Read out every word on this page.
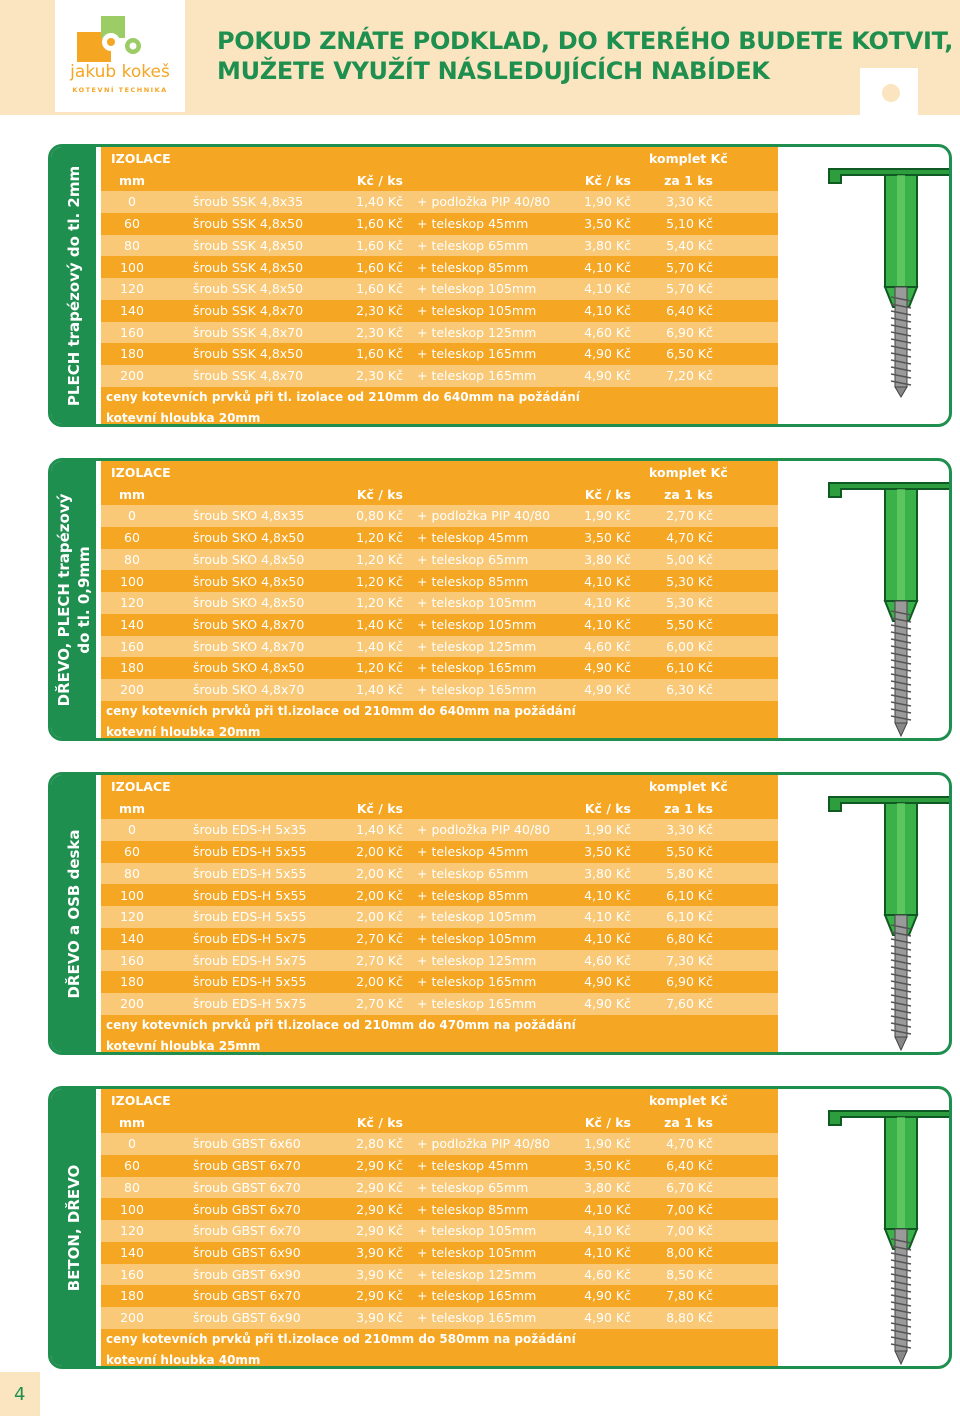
jakub kokeš
KOTEVNÍ TECHNIKA
POKUD ZNÁTE PODKLAD, DO KTERÉHO BUDETE KOTVIT,
MUŽETE VYUŽÍT NÁSLEDUJÍCÍCH NABÍDEK
PLECH trapézový do tl. 2mm
IZOLACE	komplet Kč
mm	Kč / ks	Kč / ks	za 1 ks
0	šroub SSK 4,8x35	1,40 Kč + podložka PIP 40/80	1,90 Kč	3,30 Kč
60	šroub SSK 4,8x50	1,60 Kč + teleskop 45mm	3,50 Kč	5,10 Kč
80	šroub SSK 4,8x50	1,60 Kč + teleskop 65mm	3,80 Kč	5,40 Kč
100	šroub SSK 4,8x50	1,60 Kč + teleskop 85mm	4,10 Kč	5,70 Kč
120	šroub SSK 4,8x50	1,60 Kč + teleskop 105mm	4,10 Kč	5,70 Kč
140	šroub SSK 4,8x70	2,30 Kč + teleskop 105mm	4,10 Kč	6,40 Kč
160	šroub SSK 4,8x70	2,30 Kč + teleskop 125mm	4,60 Kč	6,90 Kč
180	šroub SSK 4,8x50	1,60 Kč + teleskop 165mm	4,90 Kč	6,50 Kč
200	šroub SSK 4,8x70	2,30 Kč + teleskop 165mm	4,90 Kč	7,20 Kč
ceny kotevních prvků při tl. izolace od 210mm do 640mm na požádání
kotevní hloubka 20mm
DŘEVO, PLECH trapézový do tl. 0,9mm
IZOLACE	komplet Kč
mm	Kč / ks	Kč / ks	za 1 ks
0	šroub SKO 4,8x35	0,80 Kč + podložka PIP 40/80	1,90 Kč	2,70 Kč
60	šroub SKO 4,8x50	1,20 Kč + teleskop 45mm	3,50 Kč	4,70 Kč
80	šroub SKO 4,8x50	1,20 Kč + teleskop 65mm	3,80 Kč	5,00 Kč
100	šroub SKO 4,8x50	1,20 Kč + teleskop 85mm	4,10 Kč	5,30 Kč
120	šroub SKO 4,8x50	1,20 Kč + teleskop 105mm	4,10 Kč	5,30 Kč
140	šroub SKO 4,8x70	1,40 Kč + teleskop 105mm	4,10 Kč	5,50 Kč
160	šroub SKO 4,8x70	1,40 Kč + teleskop 125mm	4,60 Kč	6,00 Kč
180	šroub SKO 4,8x50	1,20 Kč + teleskop 165mm	4,90 Kč	6,10 Kč
200	šroub SKO 4,8x70	1,40 Kč + teleskop 165mm	4,90 Kč	6,30 Kč
ceny kotevních prvků při tl.izolace od 210mm do 640mm na požádání
kotevní hloubka 20mm
DŘEVO a OSB deska
IZOLACE	komplet Kč
mm	Kč / ks	Kč / ks	za 1 ks
0	šroub EDS-H 5x35	1,40 Kč + podložka PIP 40/80	1,90 Kč	3,30 Kč
60	šroub EDS-H 5x55	2,00 Kč + teleskop 45mm	3,50 Kč	5,50 Kč
80	šroub EDS-H 5x55	2,00 Kč + teleskop 65mm	3,80 Kč	5,80 Kč
100	šroub EDS-H 5x55	2,00 Kč + teleskop 85mm	4,10 Kč	6,10 Kč
120	šroub EDS-H 5x55	2,00 Kč + teleskop 105mm	4,10 Kč	6,10 Kč
140	šroub EDS-H 5x75	2,70 Kč + teleskop 105mm	4,10 Kč	6,80 Kč
160	šroub EDS-H 5x75	2,70 Kč + teleskop 125mm	4,60 Kč	7,30 Kč
180	šroub EDS-H 5x55	2,00 Kč + teleskop 165mm	4,90 Kč	6,90 Kč
200	šroub EDS-H 5x75	2,70 Kč + teleskop 165mm	4,90 Kč	7,60 Kč
ceny kotevních prvků při tl.izolace od 210mm do 470mm na požádání
kotevní hloubka 25mm
BETON, DŘEVO
IZOLACE	komplet Kč
mm	Kč / ks	Kč / ks	za 1 ks
0	šroub GBST 6x60	2,80 Kč + podložka PIP 40/80	1,90 Kč	4,70 Kč
60	šroub GBST 6x70	2,90 Kč + teleskop 45mm	3,50 Kč	6,40 Kč
80	šroub GBST 6x70	2,90 Kč + teleskop 65mm	3,80 Kč	6,70 Kč
100	šroub GBST 6x70	2,90 Kč + teleskop 85mm	4,10 Kč	7,00 Kč
120	šroub GBST 6x70	2,90 Kč + teleskop 105mm	4,10 Kč	7,00 Kč
140	šroub GBST 6x90	3,90 Kč + teleskop 105mm	4,10 Kč	8,00 Kč
160	šroub GBST 6x90	3,90 Kč + teleskop 125mm	4,60 Kč	8,50 Kč
180	šroub GBST 6x70	2,90 Kč + teleskop 165mm	4,90 Kč	7,80 Kč
200	šroub GBST 6x90	3,90 Kč + teleskop 165mm	4,90 Kč	8,80 Kč
ceny kotevních prvků při tl.izolace od 210mm do 580mm na požádání
kotevní hloubka 40mm
4
